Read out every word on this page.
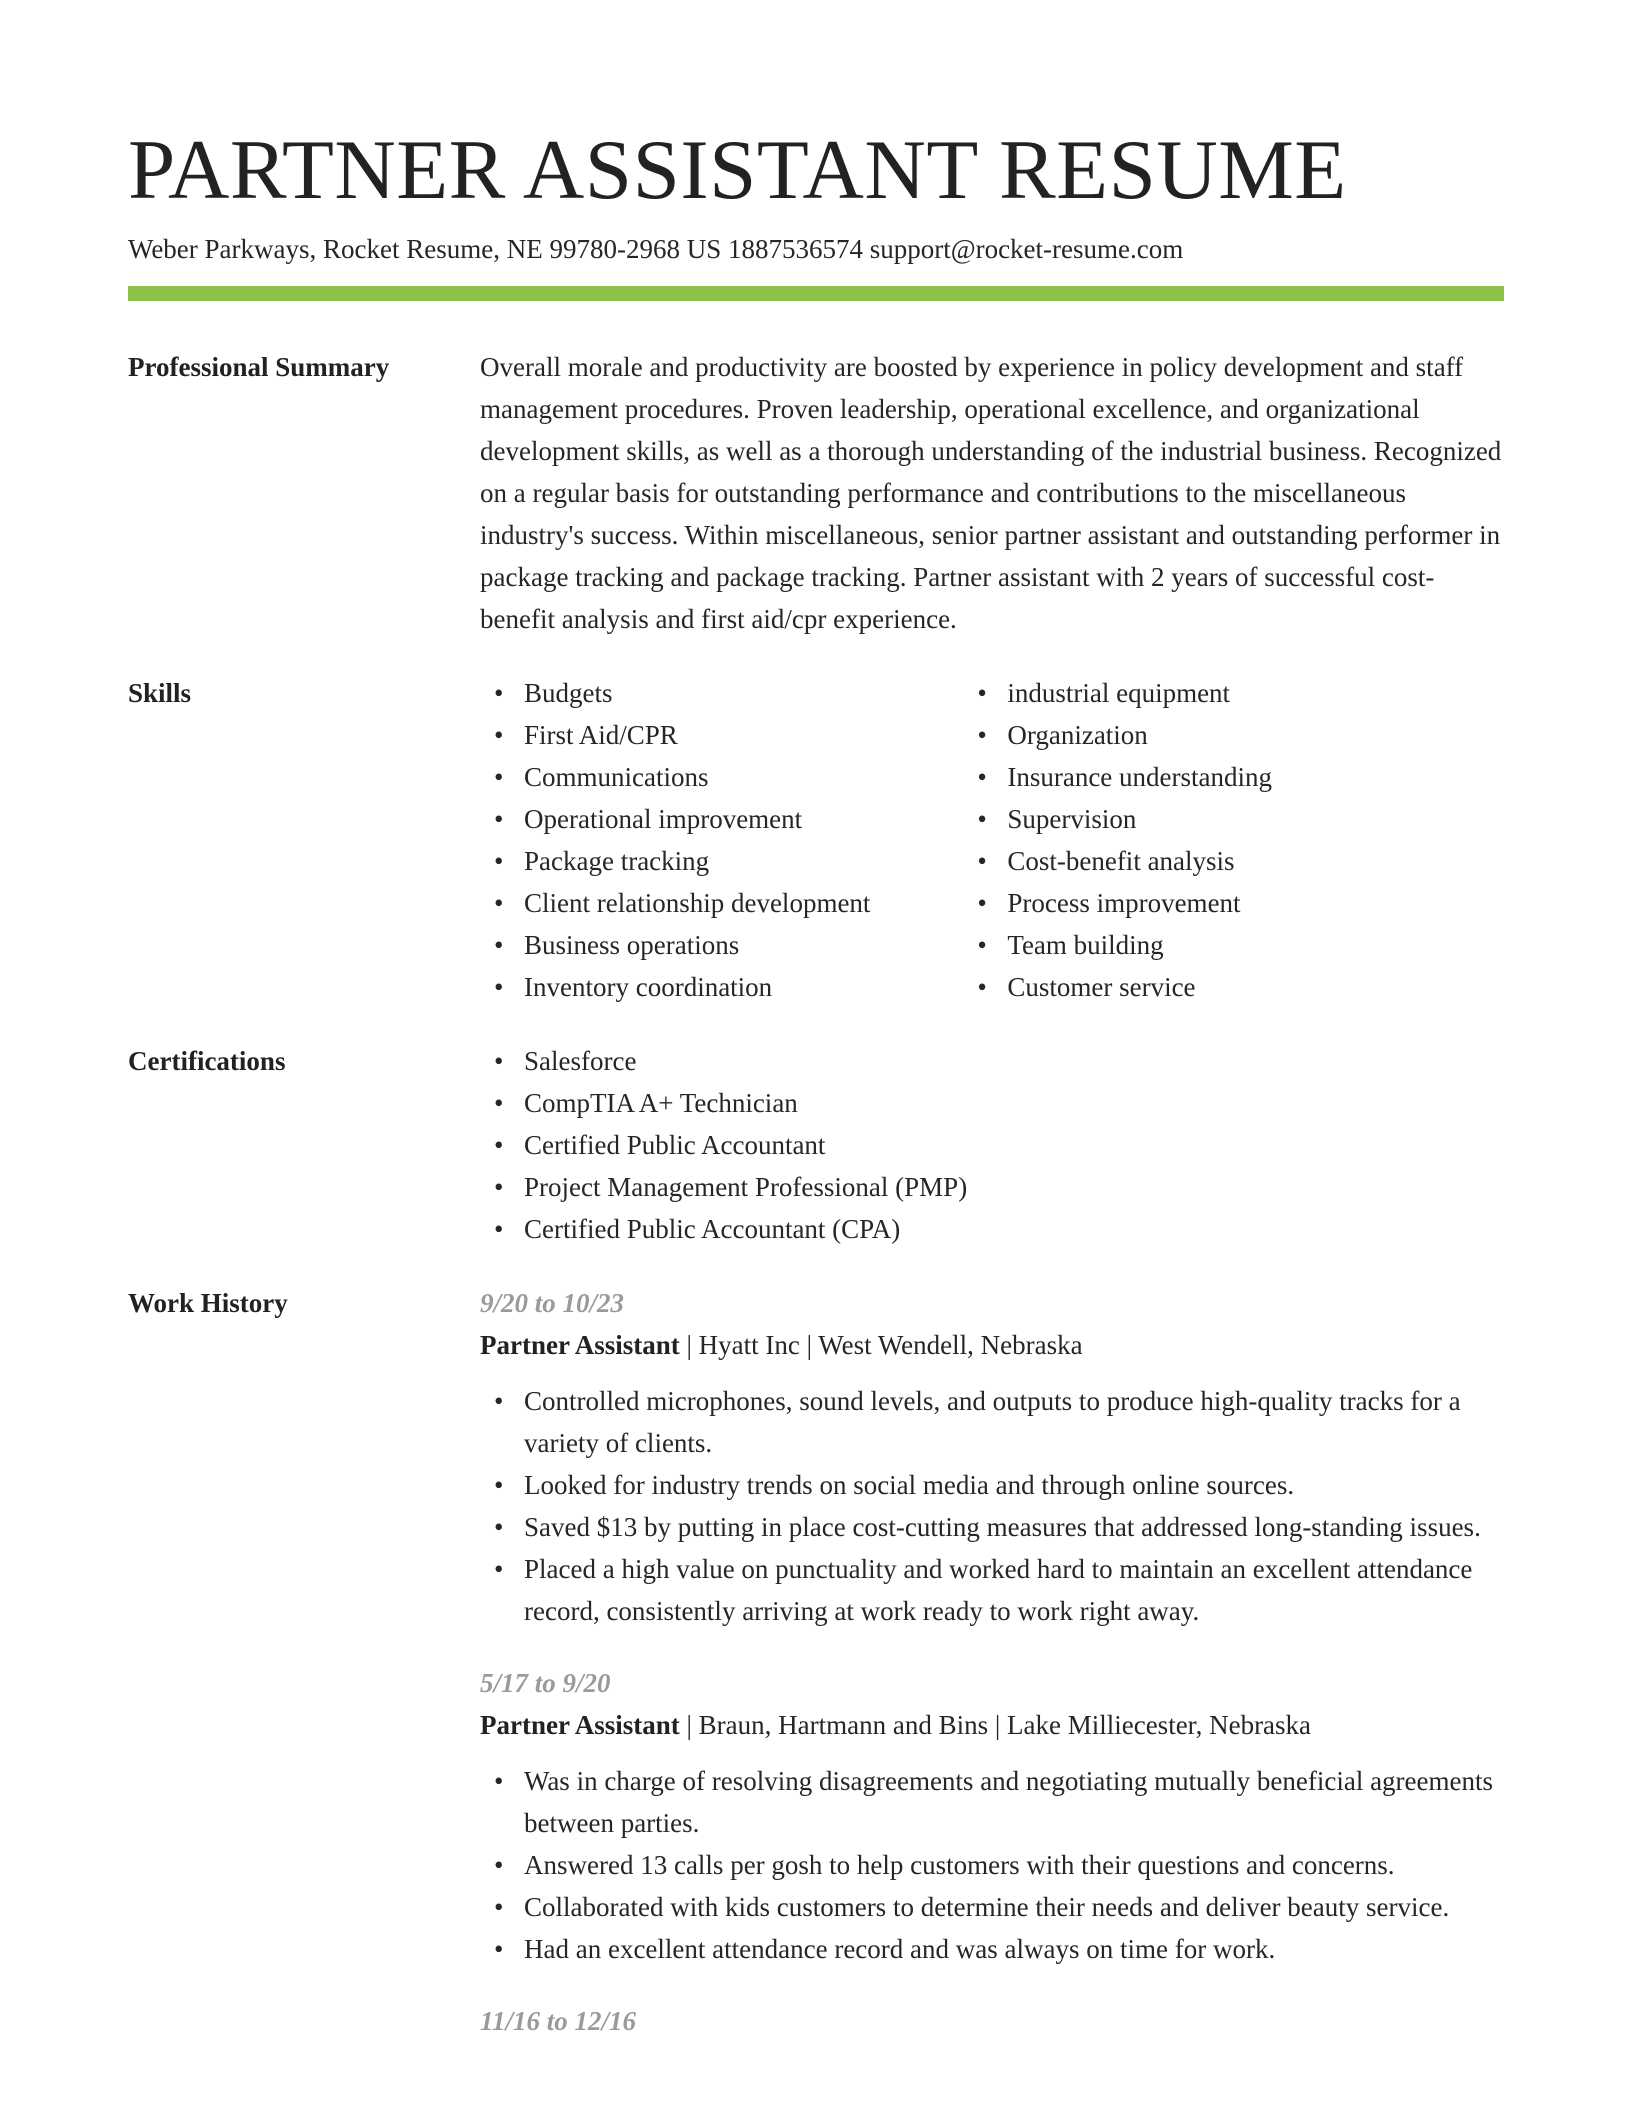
PARTNER ASSISTANT RESUME
Weber Parkways, Rocket Resume, NE 99780-2968 US 1887536574 support@rocket-resume.com
Professional Summary	Overall morale and productivity are boosted by experience in policy development and staff management procedures. Proven leadership, operational excellence, and organizational development skills, as well as a thorough understanding of the industrial business. Recognized on a regular basis for outstanding performance and contributions to the miscellaneous industry's success. Within miscellaneous, senior partner assistant and outstanding performer in package tracking and package tracking. Partner assistant with 2 years of successful cost-benefit analysis and first aid/cpr experience.

Skills	• Budgets
• First Aid/CPR
• Communications
• Operational improvement
• Package tracking
• Client relationship development
• Business operations
• Inventory coordination
• industrial equipment
• Organization
• Insurance understanding
• Supervision
• Cost-benefit analysis
• Process improvement
• Team building
• Customer service
Certifications	• Salesforce
• CompTIA A+ Technician
• Certified Public Accountant
• Project Management Professional (PMP)
• Certified Public Accountant (CPA)
Work History	9/20 to 10/23
Partner Assistant | Hyatt Inc | West Wendell, Nebraska
• Controlled microphones, sound levels, and outputs to produce high-quality tracks for a variety of clients.
• Looked for industry trends on social media and through online sources.
• Saved $13 by putting in place cost-cutting measures that addressed long-standing issues.
• Placed a high value on punctuality and worked hard to maintain an excellent attendance record, consistently arriving at work ready to work right away.
5/17 to 9/20
Partner Assistant | Braun, Hartmann and Bins | Lake Milliecester, Nebraska
• Was in charge of resolving disagreements and negotiating mutually beneficial agreements between parties.
• Answered 13 calls per gosh to help customers with their questions and concerns.
• Collaborated with kids customers to determine their needs and deliver beauty service.
• Had an excellent attendance record and was always on time for work.
11/16 to 12/16
